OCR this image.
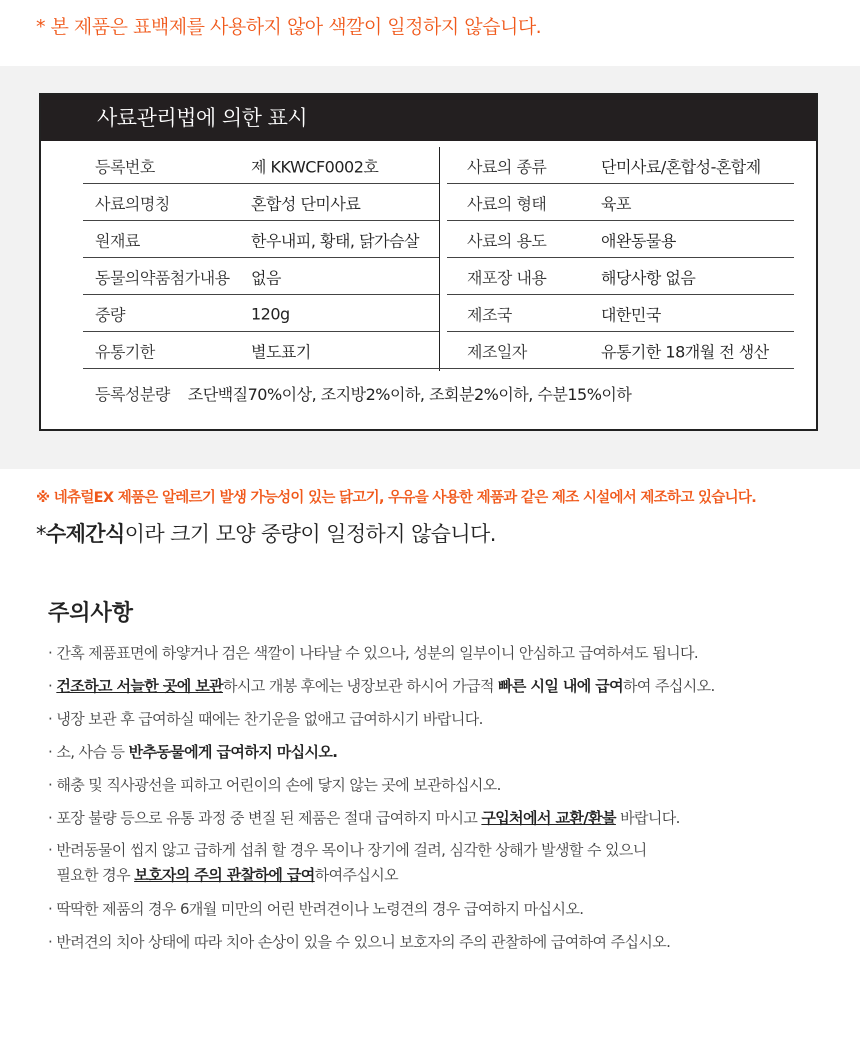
* 본 제품은 표백제를 사용하지 않아 색깔이 일정하지 않습니다.
사료관리법에 의한 표시
등록번호	제 KKWCF0002호	사료의 종류	단미사료/혼합성-혼합제
사료의명칭	혼합성 단미사료	사료의 형태	육포
원재료	한우내피, 황태, 닭가슴살	사료의 용도	애완동물용
동물의약품첨가내용 없음	재포장 내용	해당사항 없음
중량	120g	제조국	대한민국
유통기한	별도표기	제조일자	유통기한 18개월 전 생산
등록성분량 조단백질70%이상, 조지방2%이하, 조회분2%이하, 수분15%이하
※ 네츄럴EX 제품은 알레르기 발생 가능성이 있는 닭고기, 우유을 사용한 제품과 같은 제조 시설에서 제조하고 있습니다.
*수제간식이라 크기 모양 중량이 일정하지 않습니다.
주의사항
· 간혹 제품표면에 하얗거나 검은 색깔이 나타날 수 있으나, 성분의 일부이니 안심하고 급여하셔도 됩니다.
· 건조하고 서늘한 곳에 보관하시고 개봉 후에는 냉장보관 하시어 가급적 빠른 시일 내에 급여하여 주십시오.
· 냉장 보관 후 급여하실 때에는 찬기운을 없애고 급여하시기 바랍니다.
· 소, 사슴 등 반추동물에게 급여하지 마십시오.
· 해충 및 직사광선을 피하고 어린이의 손에 닿지 않는 곳에 보관하십시오.
· 포장 불량 등으로 유통 과정 중 변질 된 제품은 절대 급여하지 마시고 구입처에서 교환/환불 바랍니다.
· 반려동물이 씹지 않고 급하게 섭취 할 경우 목이나 장기에 걸려, 심각한 상해가 발생할 수 있으니
필요한 경우 보호자의 주의 관찰하에 급여하여주십시오
· 딱딱한 제품의 경우 6개월 미만의 어린 반려견이나 노령견의 경우 급여하지 마십시오.
· 반려견의 치아 상태에 따라 치아 손상이 있을 수 있으니 보호자의 주의 관찰하에 급여하여 주십시오.
